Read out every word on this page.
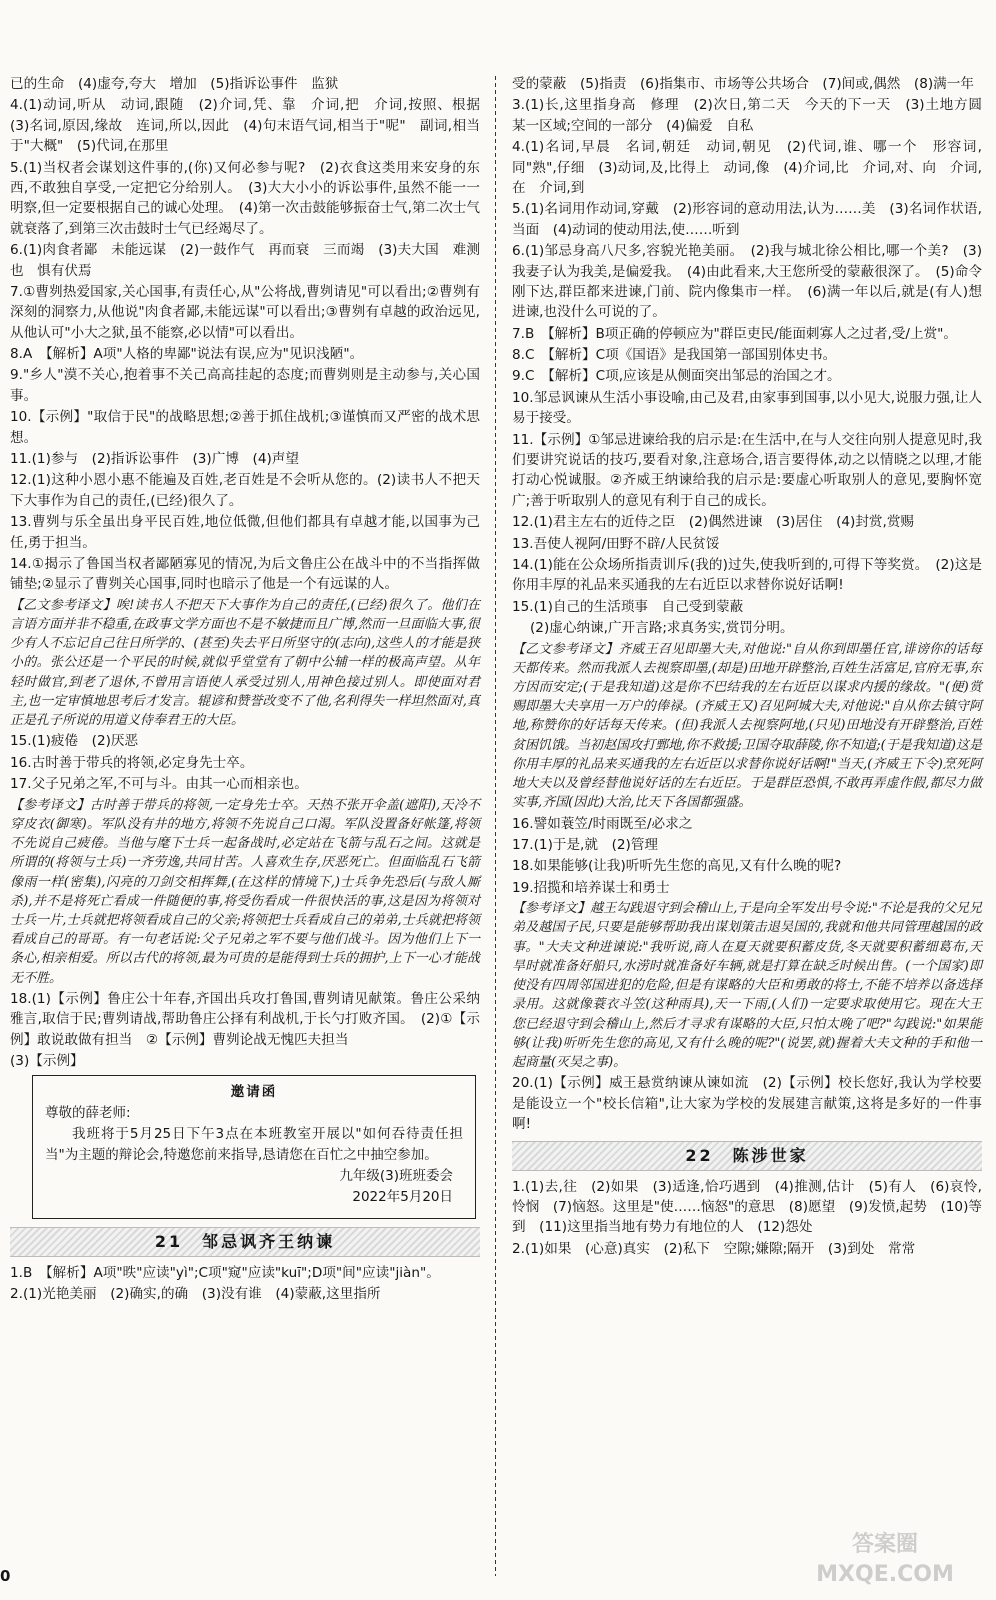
已的生命　(4)虚夸,夸大　增加　(5)指诉讼事件　监狱
4.(1)动词,听从　动词,跟随　(2)介词,凭、靠　介词,把　介词,按照、根据　(3)名词,原因,缘故　连词,所以,因此　(4)句末语气词,相当于"呢"　副词,相当于"大概"　(5)代词,在那里
5.(1)当权者会谋划这件事的,(你)又何必参与呢?　(2)衣食这类用来安身的东西,不敢独自享受,一定把它分给别人。　(3)大大小小的诉讼事件,虽然不能一一明察,但一定要根据自己的诚心处理。　(4)第一次击鼓能够振奋士气,第二次士气就衰落了,到第三次击鼓时士气已经竭尽了。
6.(1)肉食者鄙　未能远谋　(2)一鼓作气　再而衰　三而竭　(3)夫大国　难测也　惧有伏焉
7.①曹刿热爱国家,关心国事,有责任心,从"公将战,曹刿请见"可以看出;②曹刿有深刻的洞察力,从他说"肉食者鄙,未能远谋"可以看出;③曹刿有卓越的政治远见,从他认可"小大之狱,虽不能察,必以情"可以看出。
8.A　【解析】A项"人格的卑鄙"说法有误,应为"见识浅陋"。
9."乡人"漠不关心,抱着事不关己高高挂起的态度;而曹刿则是主动参与,关心国事。
10.【示例】"取信于民"的战略思想;②善于抓住战机;③谨慎而又严密的战术思想。
11.(1)参与　(2)指诉讼事件　(3)广博　(4)声望
12.(1)这种小恩小惠不能遍及百姓,老百姓是不会听从您的。(2)读书人不把天下大事作为自己的责任,(已经)很久了。
13.曹刿与乐全虽出身平民百姓,地位低微,但他们都具有卓越才能,以国事为己任,勇于担当。
14.①揭示了鲁国当权者鄙陋寡见的情况,为后文鲁庄公在战斗中的不当指挥做铺垫;②显示了曹刿关心国事,同时也暗示了他是一个有远谋的人。
【乙文参考译文】唉!读书人不把天下大事作为自己的责任,(已经)很久了。他们在言语方面并非不稳重,在政事文学方面也不是不敏捷而且广博,然而一旦面临大事,很少有人不忘记自己往日所学的、(甚至)失去平日所坚守的(志向),这些人的才能是狭小的。张公还是一个平民的时候,就似乎堂堂有了朝中公辅一样的极高声望。从年轻时做官,到老了退休,不曾用言语使人承受过别人,用神色接过别人。即使面对君主,也一定审慎地思考后才发言。辊谚和赞誉改变不了他,名利得失一样坦然面对,真正是孔子所说的用道义侍奉君王的大臣。
15.(1)疲倦　(2)厌恶
16.古时善于带兵的将领,必定身先士卒。
17.父子兄弟之军,不可与斗。由其一心而相亲也。
【参考译文】古时善于带兵的将领,一定身先士卒。天热不张开伞盖(遮阳),天冷不穿皮衣(御寒)。军队没有井的地方,将领不先说自己口渴。军队没置备好帐篷,将领不先说自己疲倦。当他与麾下士兵一起备战时,必定站在飞箭与乱石之间。这就是所谓的(将领与士兵)一齐劳逸,共同甘苦。人喜欢生存,厌恶死亡。但面临乱石飞箭像雨一样(密集),闪亮的刀剑交相挥舞,(在这样的情境下,)士兵争先恐后(与敌人厮杀),并不是将死亡看成一件随便的事,将受伤看成一件很快活的事,这是因为将领对士兵一片,士兵就把将领看成自己的父亲;将领把士兵看成自己的弟弟,士兵就把将领看成自己的哥哥。有一句老话说:父子兄弟之军不要与他们战斗。因为他们上下一条心,相亲相爱。所以古代的将领,最为可贵的是能得到士兵的拥护,上下一心才能战无不胜。
18.(1)【示例】鲁庄公十年春,齐国出兵攻打鲁国,曹刿请见献策。鲁庄公采纳雅言,取信于民;曹刿请战,帮助鲁庄公择有利战机,于长勺打败齐国。　(2)①【示例】敢说敢做有担当　②【示例】曹刿论战无愧匹夫担当
(3)【示例】
邀请函
尊敬的薛老师:
我班将于5月25日下午3点在本班教室开展以"如何吞待责任担当"为主题的辩论会,特邀您前来指导,恳请您在百忙之中抽空参加。
九年级(3)班班委会
2022年5月20日
21　邹忌讽齐王纳谏
1.B　【解析】A项"昳"应读"yì";C项"窥"应读"kuī";D项"间"应读"jiàn"。
2.(1)光艳美丽　(2)确实,的确　(3)没有谁　(4)蒙蔽,这里指所
受的蒙蔽　(5)指责　(6)指集市、市场等公共场合　(7)间或,偶然　(8)满一年
3.(1)长,这里指身高　修理　(2)次日,第二天　今天的下一天　(3)土地方圆　某一区域;空间的一部分　(4)偏爱　自私
4.(1)名词,早晨　名词,朝廷　动词,朝见　(2)代词,谁、哪一个　形容词,同"熟",仔细　(3)动词,及,比得上　动词,像　(4)介词,比　介词,对、向　介词,在　介词,到
5.(1)名词用作动词,穿戴　(2)形容词的意动用法,认为……美　(3)名词作状语,当面　(4)动词的使动用法,使……听到
6.(1)邹忌身高八尺多,容貌光艳美丽。　(2)我与城北徐公相比,哪一个美?　(3)我妻子认为我美,是偏爱我。　(4)由此看来,大王您所受的蒙蔽很深了。　(5)命令刚下达,群臣都来进谏,门前、院内像集市一样。　(6)满一年以后,就是(有人)想进谏,也没什么可说的了。
7.B　【解析】B项正确的停顿应为"群臣吏民/能面刺寡人之过者,受/上赏"。
8.C　【解析】C项《国语》是我国第一部国别体史书。
9.C　【解析】C项,应该是从侧面突出邹忌的治国之才。
10.邹忌讽谏从生活小事设喻,由己及君,由家事到国事,以小见大,说服力强,让人易于接受。
11.【示例】①邹忌进谏给我的启示是:在生活中,在与人交往向别人提意见时,我们要讲究说话的技巧,要看对象,注意场合,语言要得体,动之以情晓之以理,才能打动心悦诚服。②齐威王纳谏给我的启示是:要虚心听取别人的意见,要胸怀宽广;善于听取别人的意见有利于自己的成长。
12.(1)君主左右的近侍之臣　(2)偶然进谏　(3)居住　(4)封赏,赏赐
13.吾使人视阿/田野不辟/人民贫馁
14.(1)能在公众场所指责训斥(我的)过失,使我听到的,可得下等奖赏。　(2)这是你用丰厚的礼品来买通我的左右近臣以求替你说好话啊!
15.(1)自己的生活琐事　自己受到蒙蔽
(2)虚心纳谏,广开言路;求真务实,赏罚分明。
【乙文参考译文】齐威王召见即墨大夫,对他说:"自从你到即墨任官,诽谤你的话每天都传来。然而我派人去视察即墨,(却是)田地开辟整治,百姓生活富足,官府无事,东方因而安定;(于是我知道)这是你不巴结我的左右近臣以谋求内援的缘故。"(便)赏赐即墨大夫享用一万户的俸禄。(齐威王又)召见阿城大夫,对他说:"自从你去镇守阿地,称赞你的好话每天传来。(但)我派人去视察阿地,(只见)田地没有开辟整治,百姓贫困饥饿。当初赵国攻打鄄地,你不救援;卫国夺取薛陵,你不知道;(于是我知道)这是你用丰厚的礼品来买通我的左右近臣以求替你说好话啊!"当天,(齐威王下令)烹死阿地大夫以及曾经替他说好话的左右近臣。于是群臣恐惧,不敢再弄虚作假,都尽力做实事,齐国(因此)大治,比天下各国都强盛。
16.譬如蓑笠/时雨既至/必求之
17.(1)于是,就　(2)管理
18.如果能够(让我)听听先生您的高见,又有什么晚的呢?
19.招揽和培养谋士和勇士
【参考译文】越王勾践退守到会稽山上,于是向全军发出号令说:"不论是我的父兄兄弟及越国子民,只要是能够帮助我出谋划策击退吴国的,我就和他共同管理越国的政事。"大夫文种进谏说:"我听说,商人在夏天就要积蓄皮货,冬天就要积蓄细葛布,天旱时就准备好船只,水涝时就准备好车辆,就是打算在缺乏时候出售。(一个国家)即使没有四周邻国进犯的危险,但是有谋略的大臣和勇敢的将士,不能不培养以备选择录用。这就像蓑衣斗笠(这种雨具),天一下雨,(人们)一定要求取使用它。现在大王您已经退守到会稽山上,然后才寻求有谋略的大臣,只怕太晚了吧?"勾践说:"如果能够(让我)听听先生您的高见,又有什么晚的呢?"(说罢,就)握着大夫文种的手和他一起商量(灭吴之事)。
20.(1)【示例】威王悬赏纳谏从谏如流　(2)【示例】校长您好,我认为学校要是能设立一个"校长信箱",让大家为学校的发展建言献策,这将是多好的一件事啊!
22　陈涉世家
1.(1)去,往　(2)如果　(3)适逢,恰巧遇到　(4)推测,估计　(5)有人　(6)哀怜,怜悯　(7)恼怒。这里是"使……恼怒"的意思　(8)愿望　(9)发愤,起势　(10)等到　(11)这里指当地有势力有地位的人　(12)怨处
2.(1)如果　(心意)真实　(2)私下　空隙;嫌隙;隔开　(3)到处　常常
0
答案圈
MXQE.COM
